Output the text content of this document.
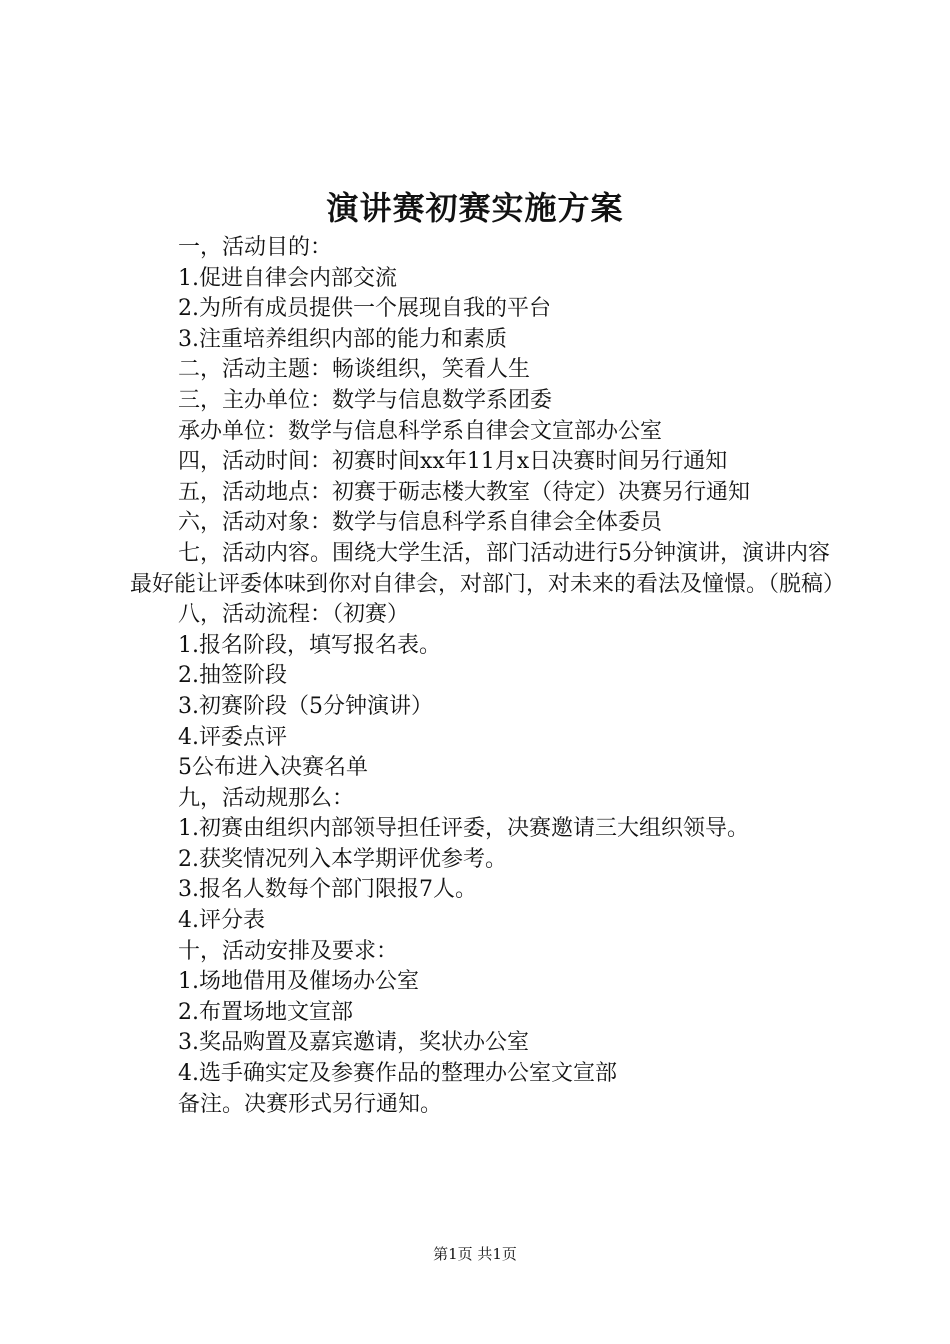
演讲赛初赛实施方案

一，活动目的：

1.促进自律会内部交流

2.为所有成员提供一个展现自我的平台

3.注重培养组织内部的能力和素质

二，活动主题：畅谈组织，笑看人生

三，主办单位：数学与信息数学系团委

承办单位：数学与信息科学系自律会文宣部办公室

四，活动时间：初赛时间xx年11月x日决赛时间另行通知

五，活动地点：初赛于砺志楼大教室（待定）决赛另行通知

六，活动对象：数学与信息科学系自律会全体委员

七，活动内容。围绕大学生活，部门活动进行5分钟演讲，演讲内容最好能让评委体味到你对自律会，对部门，对未来的看法及憧憬。（脱稿）

八，活动流程：（初赛）

1.报名阶段，填写报名表。

2.抽签阶段

3.初赛阶段（5分钟演讲）

4.评委点评

5公布进入决赛名单

九，活动规那么：

1.初赛由组织内部领导担任评委，决赛邀请三大组织领导。

2.获奖情况列入本学期评优参考。

3.报名人数每个部门限报7人。

4.评分表

十，活动安排及要求：

1.场地借用及催场办公室

2.布置场地文宣部

3.奖品购置及嘉宾邀请，奖状办公室

4.选手确实定及参赛作品的整理办公室文宣部

备注。决赛形式另行通知。

第1页 共1页
